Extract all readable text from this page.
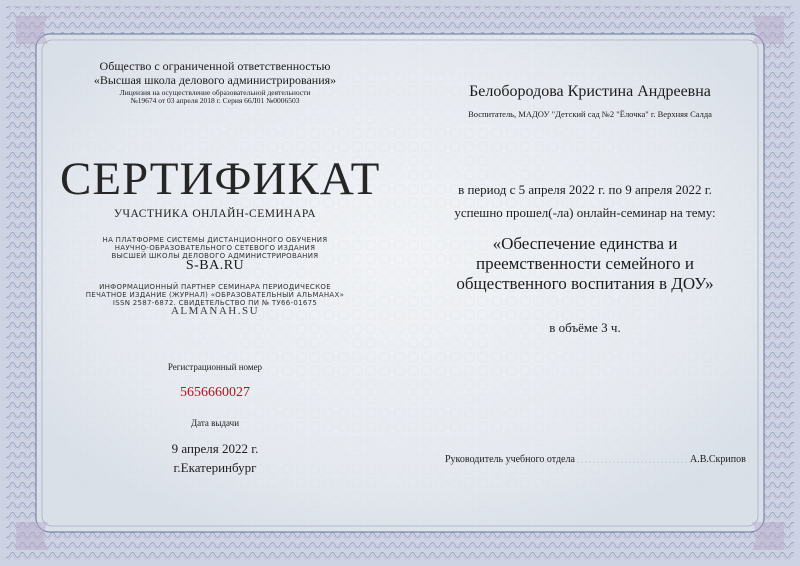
Общество с ограниченной ответственностью
«Высшая школа делового администрирования»
Лицензия на осуществление образовательной деятельности
№19674 от 03 апреля 2018 г. Серия 66Л01 №0006503
СЕРТИФИКАТ
УЧАСТНИКА ОНЛАЙН-СЕМИНАРА
НА ПЛАТФОРМЕ СИСТЕМЫ ДИСТАНЦИОННОГО ОБУЧЕНИЯ
НАУЧНО-ОБРАЗОВАТЕЛЬНОГО СЕТЕВОГО ИЗДАНИЯ
ВЫСШЕЙ ШКОЛЫ ДЕЛОВОГО АДМИНИСТРИРОВАНИЯ
S-BA.RU
ИНФОРМАЦИОННЫЙ ПАРТНЕР СЕМИНАРА ПЕРИОДИЧЕСКОЕ
ПЕЧАТНОЕ ИЗДАНИЕ (ЖУРНАЛ) «ОБРАЗОВАТЕЛЬНЫЙ АЛЬМАНАХ»
ISSN 2587-6872. СВИДЕТЕЛЬСТВО ПИ № ТУ66-01675
ALMANAH.SU
Регистрационный номер
5656660027
Дата выдачи
9 апреля 2022 г.
г.Екатеринбург
Белобородова Кристина Андреевна
Воспитатель, МАДОУ "Детский сад №2 "Ёлочка" г. Верхняя Салда
в период с 5 апреля 2022 г. по 9 апреля 2022 г.
успешно прошел(-ла) онлайн-семинар на тему:
«Обеспечение единства и
преемственности семейного и
общественного воспитания в ДОУ»
в объёме 3 ч.
Руководитель учебного отдела	А.В.Скрипов
